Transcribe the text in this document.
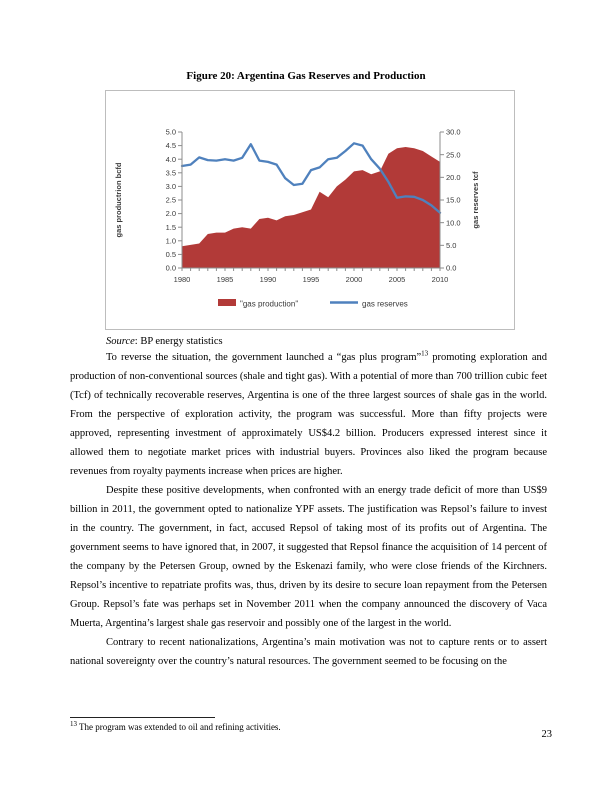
Figure 20: Argentina Gas Reserves and Production
0.0
0.5
1.0
1.5
2.0
2.5
3.0
3.5
4.0
4.5
5.0
0.0
5.0
10.0
15.0
20.0
25.0
30.0
1980	1985	1990	1995	2000	2005	2010
gas productrion bcfd	gas reserves tcf
"gas production"	gas reserves
Source: BP energy statistics

To reverse the situation, the government launched a “gas plus program”$^{13}$ promoting exploration and production of non-conventional sources (shale and tight gas). With a potential of more than 700 trillion cubic feet (Tcf) of technically recoverable reserves, Argentina is one of the three largest sources of shale gas in the world. From the perspective of exploration activity, the program was successful. More than fifty projects were approved, representing investment of approximately US$4.2 billion. Producers expressed interest since it allowed them to negotiate market prices with industrial buyers. Provinces also liked the program because revenues from royalty payments increase when prices are higher.

Despite these positive developments, when confronted with an energy trade deficit of more than US$9 billion in 2011, the government opted to nationalize YPF assets. The justification was Repsol’s failure to invest in the country. The government, in fact, accused Repsol of taking most of its profits out of Argentina. The government seems to have ignored that, in 2007, it suggested that Repsol finance the acquisition of 14 percent of the company by the Petersen Group, owned by the Eskenazi family, who were close friends of the Kirchners. Repsol’s incentive to repatriate profits was, thus, driven by its desire to secure loan repayment from the Petersen Group. Repsol’s fate was perhaps set in November 2011 when the company announced the discovery of Vaca Muerta, Argentina’s largest shale gas reservoir and possibly one of the largest in the world.

Contrary to recent nationalizations, Argentina’s main motivation was not to capture rents or to assert national sovereignty over the country’s natural resources. The government seemed to be focusing on the

$^{13}$ The program was extended to oil and refining activities.
23
